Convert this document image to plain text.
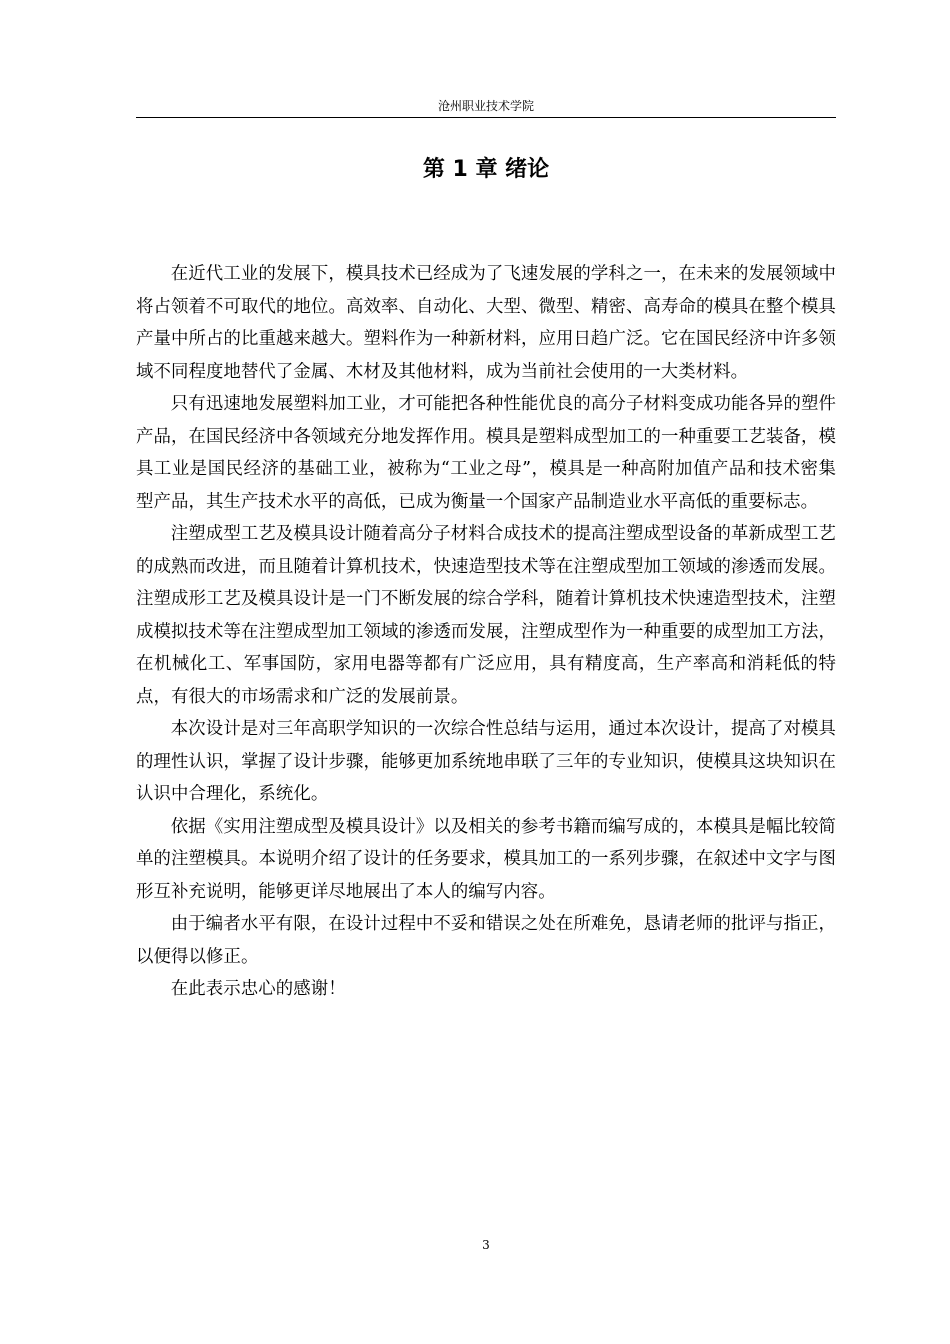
沧州职业技术学院
第 1 章 绪论

在近代工业的发展下，模具技术已经成为了飞速发展的学科之一，在未来的发展领域中将占领着不可取代的地位。高效率、自动化、大型、微型、精密、高寿命的模具在整个模具产量中所占的比重越来越大。塑料作为一种新材料，应用日趋广泛。它在国民经济中许多领域不同程度地替代了金属、木材及其他材料，成为当前社会使用的一大类材料。

只有迅速地发展塑料加工业，才可能把各种性能优良的高分子材料变成功能各异的塑件产品，在国民经济中各领域充分地发挥作用。模具是塑料成型加工的一种重要工艺装备，模具工业是国民经济的基础工业，被称为“工业之母”，模具是一种高附加值产品和技术密集型产品，其生产技术水平的高低，已成为衡量一个国家产品制造业水平高低的重要标志。

注塑成型工艺及模具设计随着高分子材料合成技术的提高注塑成型设备的革新成型工艺的成熟而改进，而且随着计算机技术，快速造型技术等在注塑成型加工领域的渗透而发展。注塑成形工艺及模具设计是一门不断发展的综合学科，随着计算机技术快速造型技术，注塑成模拟技术等在注塑成型加工领域的渗透而发展，注塑成型作为一种重要的成型加工方法，在机械化工、军事国防，家用电器等都有广泛应用，具有精度高，生产率高和消耗低的特点，有很大的市场需求和广泛的发展前景。

本次设计是对三年高职学知识的一次综合性总结与运用，通过本次设计，提高了对模具的理性认识，掌握了设计步骤，能够更加系统地串联了三年的专业知识，使模具这块知识在认识中合理化，系统化。

依据《实用注塑成型及模具设计》以及相关的参考书籍而编写成的，本模具是幅比较简单的注塑模具。本说明介绍了设计的任务要求，模具加工的一系列步骤，在叙述中文字与图形互补充说明，能够更详尽地展出了本人的编写内容。

由于编者水平有限，在设计过程中不妥和错误之处在所难免，恳请老师的批评与指正，以便得以修正。

在此表示忠心的感谢！

3
